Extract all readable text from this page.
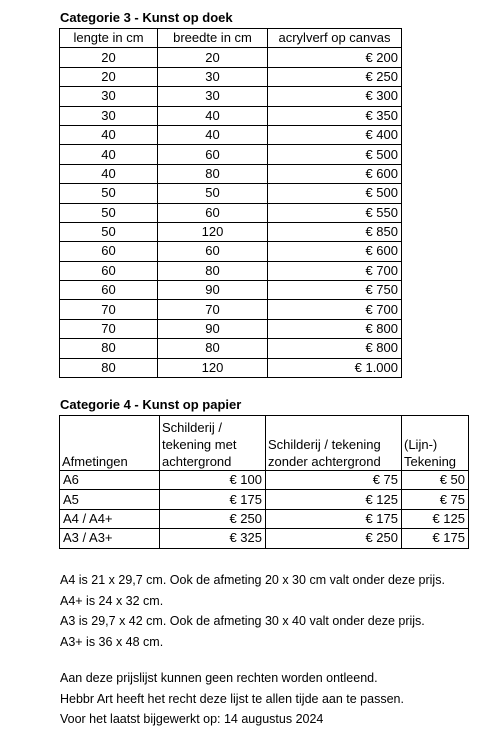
Categorie 3 - Kunst op doek
lengte in cm	breedte in cm	acrylverf op canvas
20	20	€ 200
20	30	€ 250
30	30	€ 300
30	40	€ 350
40	40	€ 400
40	60	€ 500
40	80	€ 600
50	50	€ 500
50	60	€ 550
50	120	€ 850
60	60	€ 600
60	80	€ 700
60	90	€ 750
70	70	€ 700
70	90	€ 800
80	80	€ 800
80	120	€ 1.000
Categorie 4 - Kunst op papier
Afmetingen	Schilderij / tekening met achtergrond	Schilderij / tekening zonder achtergrond	(Lijn-) Tekening
A6	€ 100	€ 75	€ 50
A5	€ 175	€ 125	€ 75
A4 / A4+	€ 250	€ 175	€ 125
A3 / A3+	€ 325	€ 250	€ 175
A4 is 21 x 29,7 cm. Ook de afmeting 20 x 30 cm valt onder deze prijs.
A4+ is 24 x 32 cm.
A3 is 29,7 x 42 cm. Ook de afmeting 30 x 40 valt onder deze prijs.
A3+ is 36 x 48 cm.
Aan deze prijslijst kunnen geen rechten worden ontleend.
Hebbr Art heeft het recht deze lijst te allen tijde aan te passen.
Voor het laatst bijgewerkt op: 14 augustus 2024
